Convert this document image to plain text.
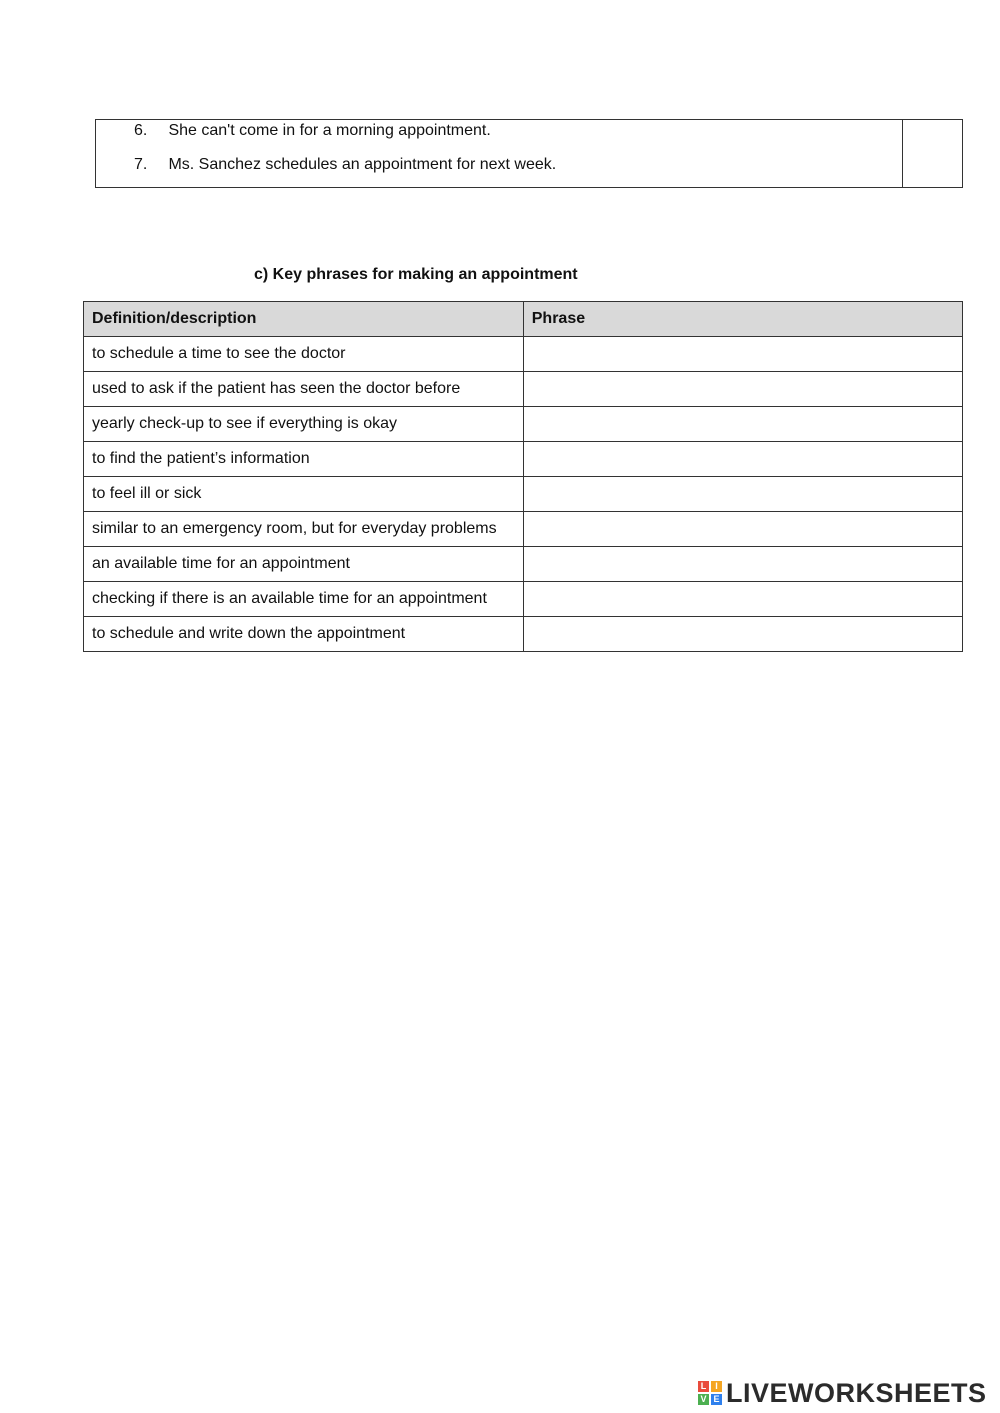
6. She can't come in for a morning appointment.
7. Ms. Sanchez schedules an appointment for next week.
c) Key phrases for making an appointment
Definition/description	Phrase
to schedule a time to see the doctor	
used to ask if the patient has seen the doctor before	
yearly check-up to see if everything is okay	
to find the patient’s information	
to feel ill or sick	
similar to an emergency room, but for everyday problems	
an available time for an appointment	
checking if there is an available time for an appointment	
to schedule and write down the appointment	
L I
V E LIVEWORKSHEETS
